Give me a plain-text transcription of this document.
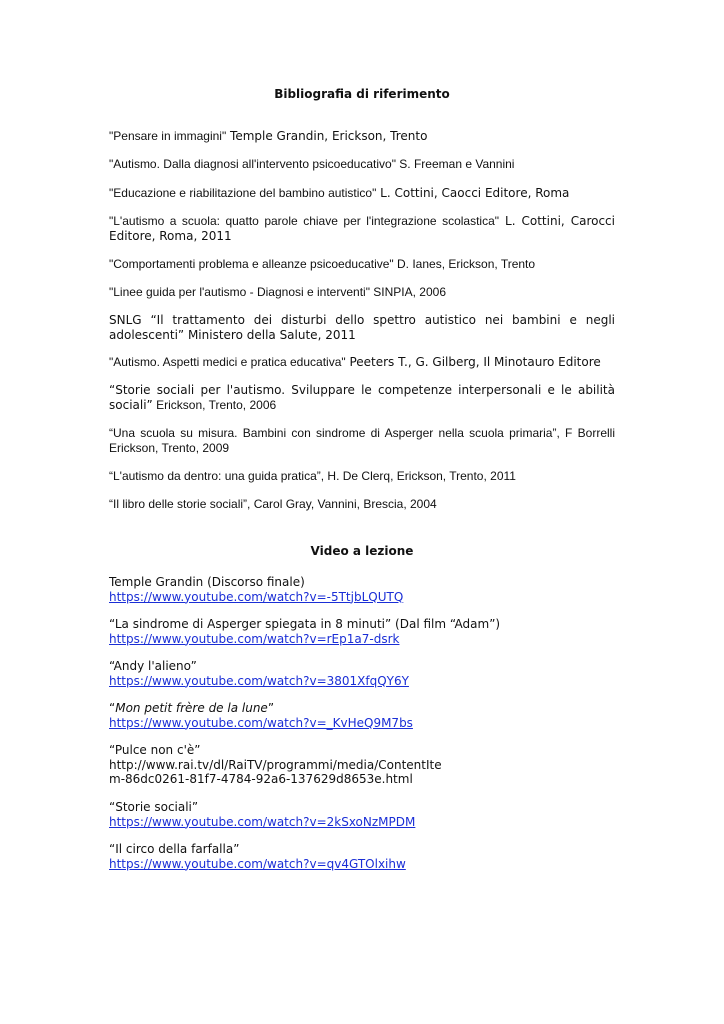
Bibliografia di riferimento

"Pensare in immagini" Temple Grandin, Erickson, Trento

"Autismo. Dalla diagnosi all'intervento psicoeducativo" S. Freeman e Vannini

"Educazione e riabilitazione del bambino autistico" L. Cottini, Caocci Editore, Roma

"L'autismo a scuola: quatto parole chiave per l'integrazione scolastica" L. Cottini, Carocci Editore, Roma, 2011

"Comportamenti problema e alleanze psicoeducative" D. Ianes, Erickson, Trento

"Linee guida per l'autismo - Diagnosi e interventi" SINPIA, 2006

SNLG “Il trattamento dei disturbi dello spettro autistico nei bambini e negli adolescenti” Ministero della Salute, 2011

"Autismo. Aspetti medici e pratica educativa" Peeters T., G. Gilberg, Il Minotauro Editore

“Storie sociali per l'autismo. Sviluppare le competenze interpersonali e le abilità sociali” Erickson, Trento, 2006

“Una scuola su misura. Bambini con sindrome di Asperger nella scuola primaria”, F Borrelli Erickson, Trento, 2009

“L'autismo da dentro: una guida pratica”, H. De Clerq, Erickson, Trento, 2011

“Il libro delle storie sociali”, Carol Gray, Vannini, Brescia, 2004

Video a lezione
Temple Grandin (Discorso finale)
https://www.youtube.com/watch?v=-5TtjbLQUTQ
“La sindrome di Asperger spiegata in 8 minuti” (Dal film “Adam”)
https://www.youtube.com/watch?v=rEp1a7-dsrk
“Andy l'alieno”
https://www.youtube.com/watch?v=3801XfqQY6Y
“Mon petit frère de la lune”
https://www.youtube.com/watch?v=_KvHeQ9M7bs
“Pulce non c'è”
http://www.rai.tv/dl/RaiTV/programmi/media/ContentIte
m-86dc0261-81f7-4784-92a6-137629d8653e.html
“Storie sociali”
https://www.youtube.com/watch?v=2kSxoNzMPDM
“Il circo della farfalla”
https://www.youtube.com/watch?v=qv4GTOlxihw
